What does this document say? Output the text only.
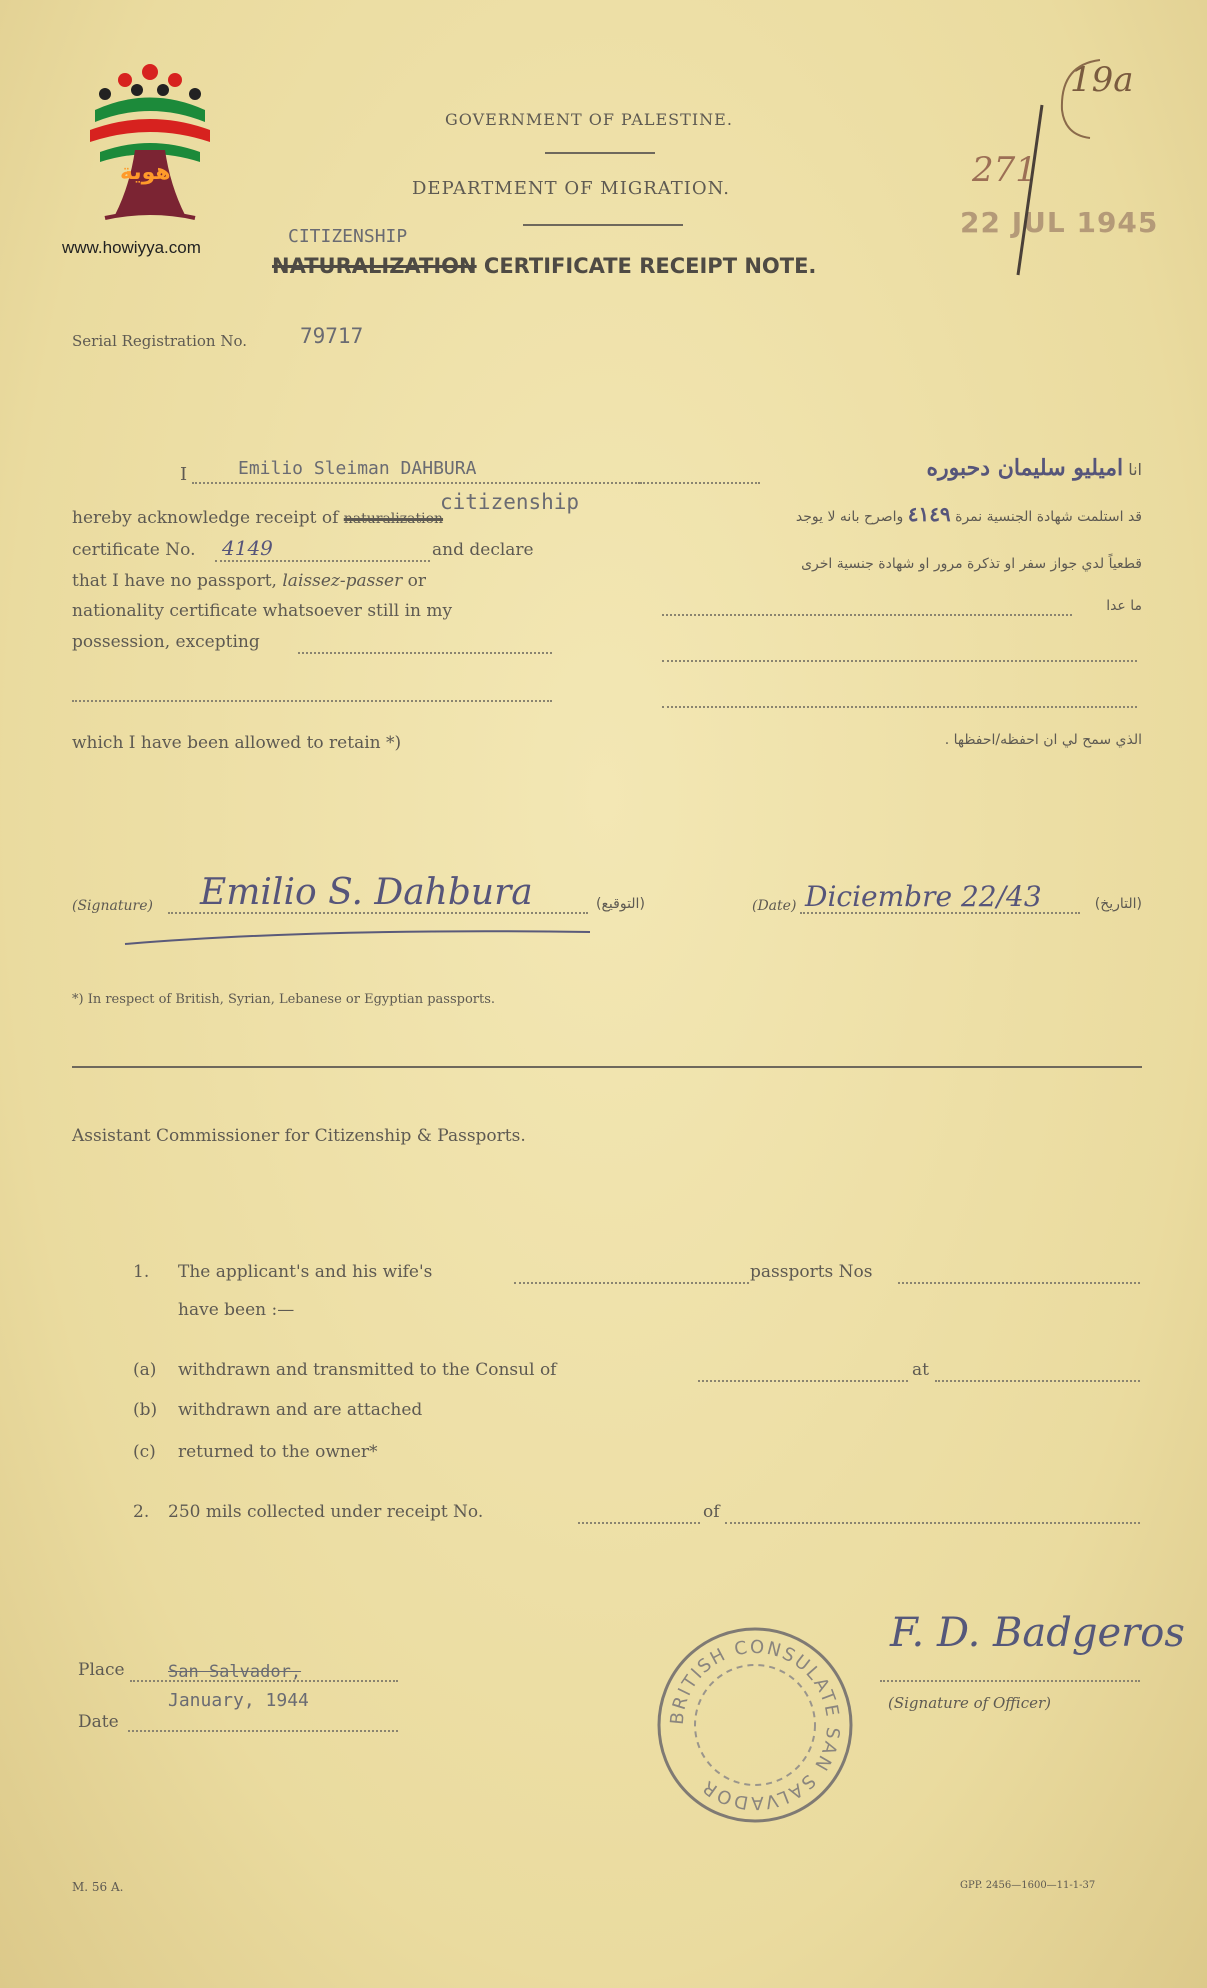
هوية
www.howiyya.com
GOVERNMENT OF PALESTINE.
DEPARTMENT OF MIGRATION.
CITIZENSHIP
NATURALIZATION CERTIFICATE RECEIPT NOTE.
19a
271
22 JUL 1945
Serial Registration No.	79717
I	Emilio Sleiman DAHBURA
citizenship
hereby acknowledge receipt of naturalization
certificate No. 4149	and declare
that I have no passport, laissez-passer or
nationality certificate whatsoever still in my
possession, excepting
which I have been allowed to retain *)
انا اميليو سليمان دحبوره
قد استلمت شهادة الجنسية نمرة ٤١٤٩ واصرح بانه لا يوجد
قطعياً لدي جواز سفر او تذكرة مرور او شهادة جنسية اخرى
ما عدا
الذي سمح لي ان احفظه/احفظها .
(Signature) Emilio S. Dahbura	(التوقيع)	(Date) Diciembre 22/43	(التاريخ)
*) In respect of British, Syrian, Lebanese or Egyptian passports.
Assistant Commissioner for Citizenship & Passports.
1. The applicant's and his wife's	passports Nos
have been :—
(a) withdrawn and transmitted to the Consul of	at
(b) withdrawn and are attached
(c) returned to the owner*
2. 250 mils collected under receipt No.	of
Place	San Salvador,
Date
January, 1944
BRITISH CONSULATE SAN SALVADOR
F. D. Badgeros
(Signature of Officer)
M. 56 A.	GPP. 2456—1600—11-1-37
